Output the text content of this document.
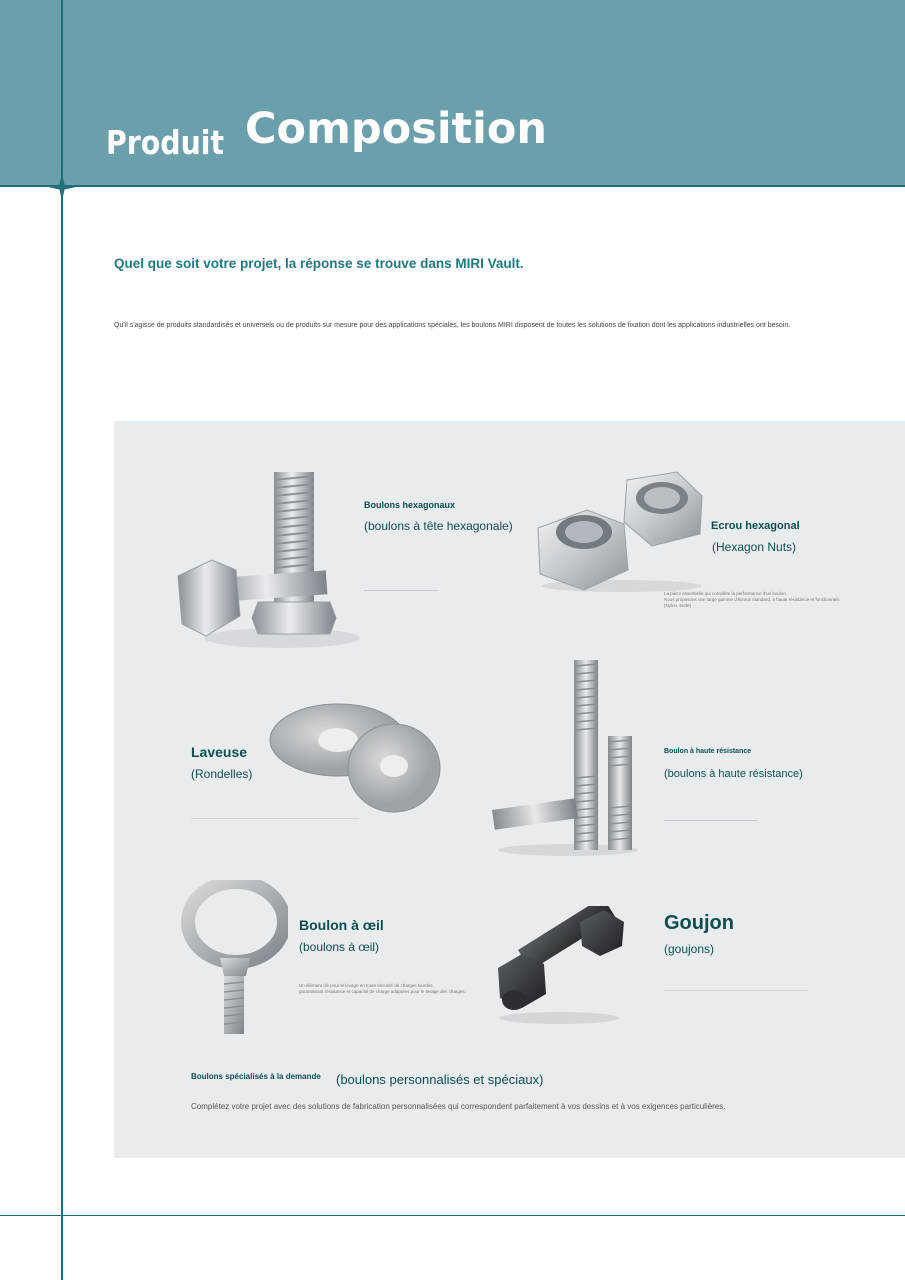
Produit Composition
Quel que soit votre projet, la réponse se trouve dans MIRI Vault.
Qu'il s'agisse de produits standardisés et universels ou de produits sur mesure pour des applications spéciales, les boulons MIRI disposent de toutes les solutions de fixation dont les applications industrielles ont besoin.
Boulons hexagonaux
(boulons à tête hexagonale)	Ecrou hexagonal
(Hexagon Nuts)
La pièce essentielle qui complète la performance d'un boulon.
Nous proposons une large gamme d'écrous standard, à haute résistance et fonctionnels
(Nylon, bride).
Laveuse
(Rondelles)
Boulon à haute résistance
(boulons à haute résistance)
Boulon à œil
(boulons à œil)
Un élément clé pour le levage en toute sécurité de charges lourdes,
garantissant résistance et capacité de charge adaptées pour le levage des charges.
Goujon
(goujons)
Boulons spécialisés à la demande (boulons personnalisés et spéciaux)
Complétez votre projet avec des solutions de fabrication personnalisées qui correspondent parfaitement à vos dessins et à vos exigences particulières.
